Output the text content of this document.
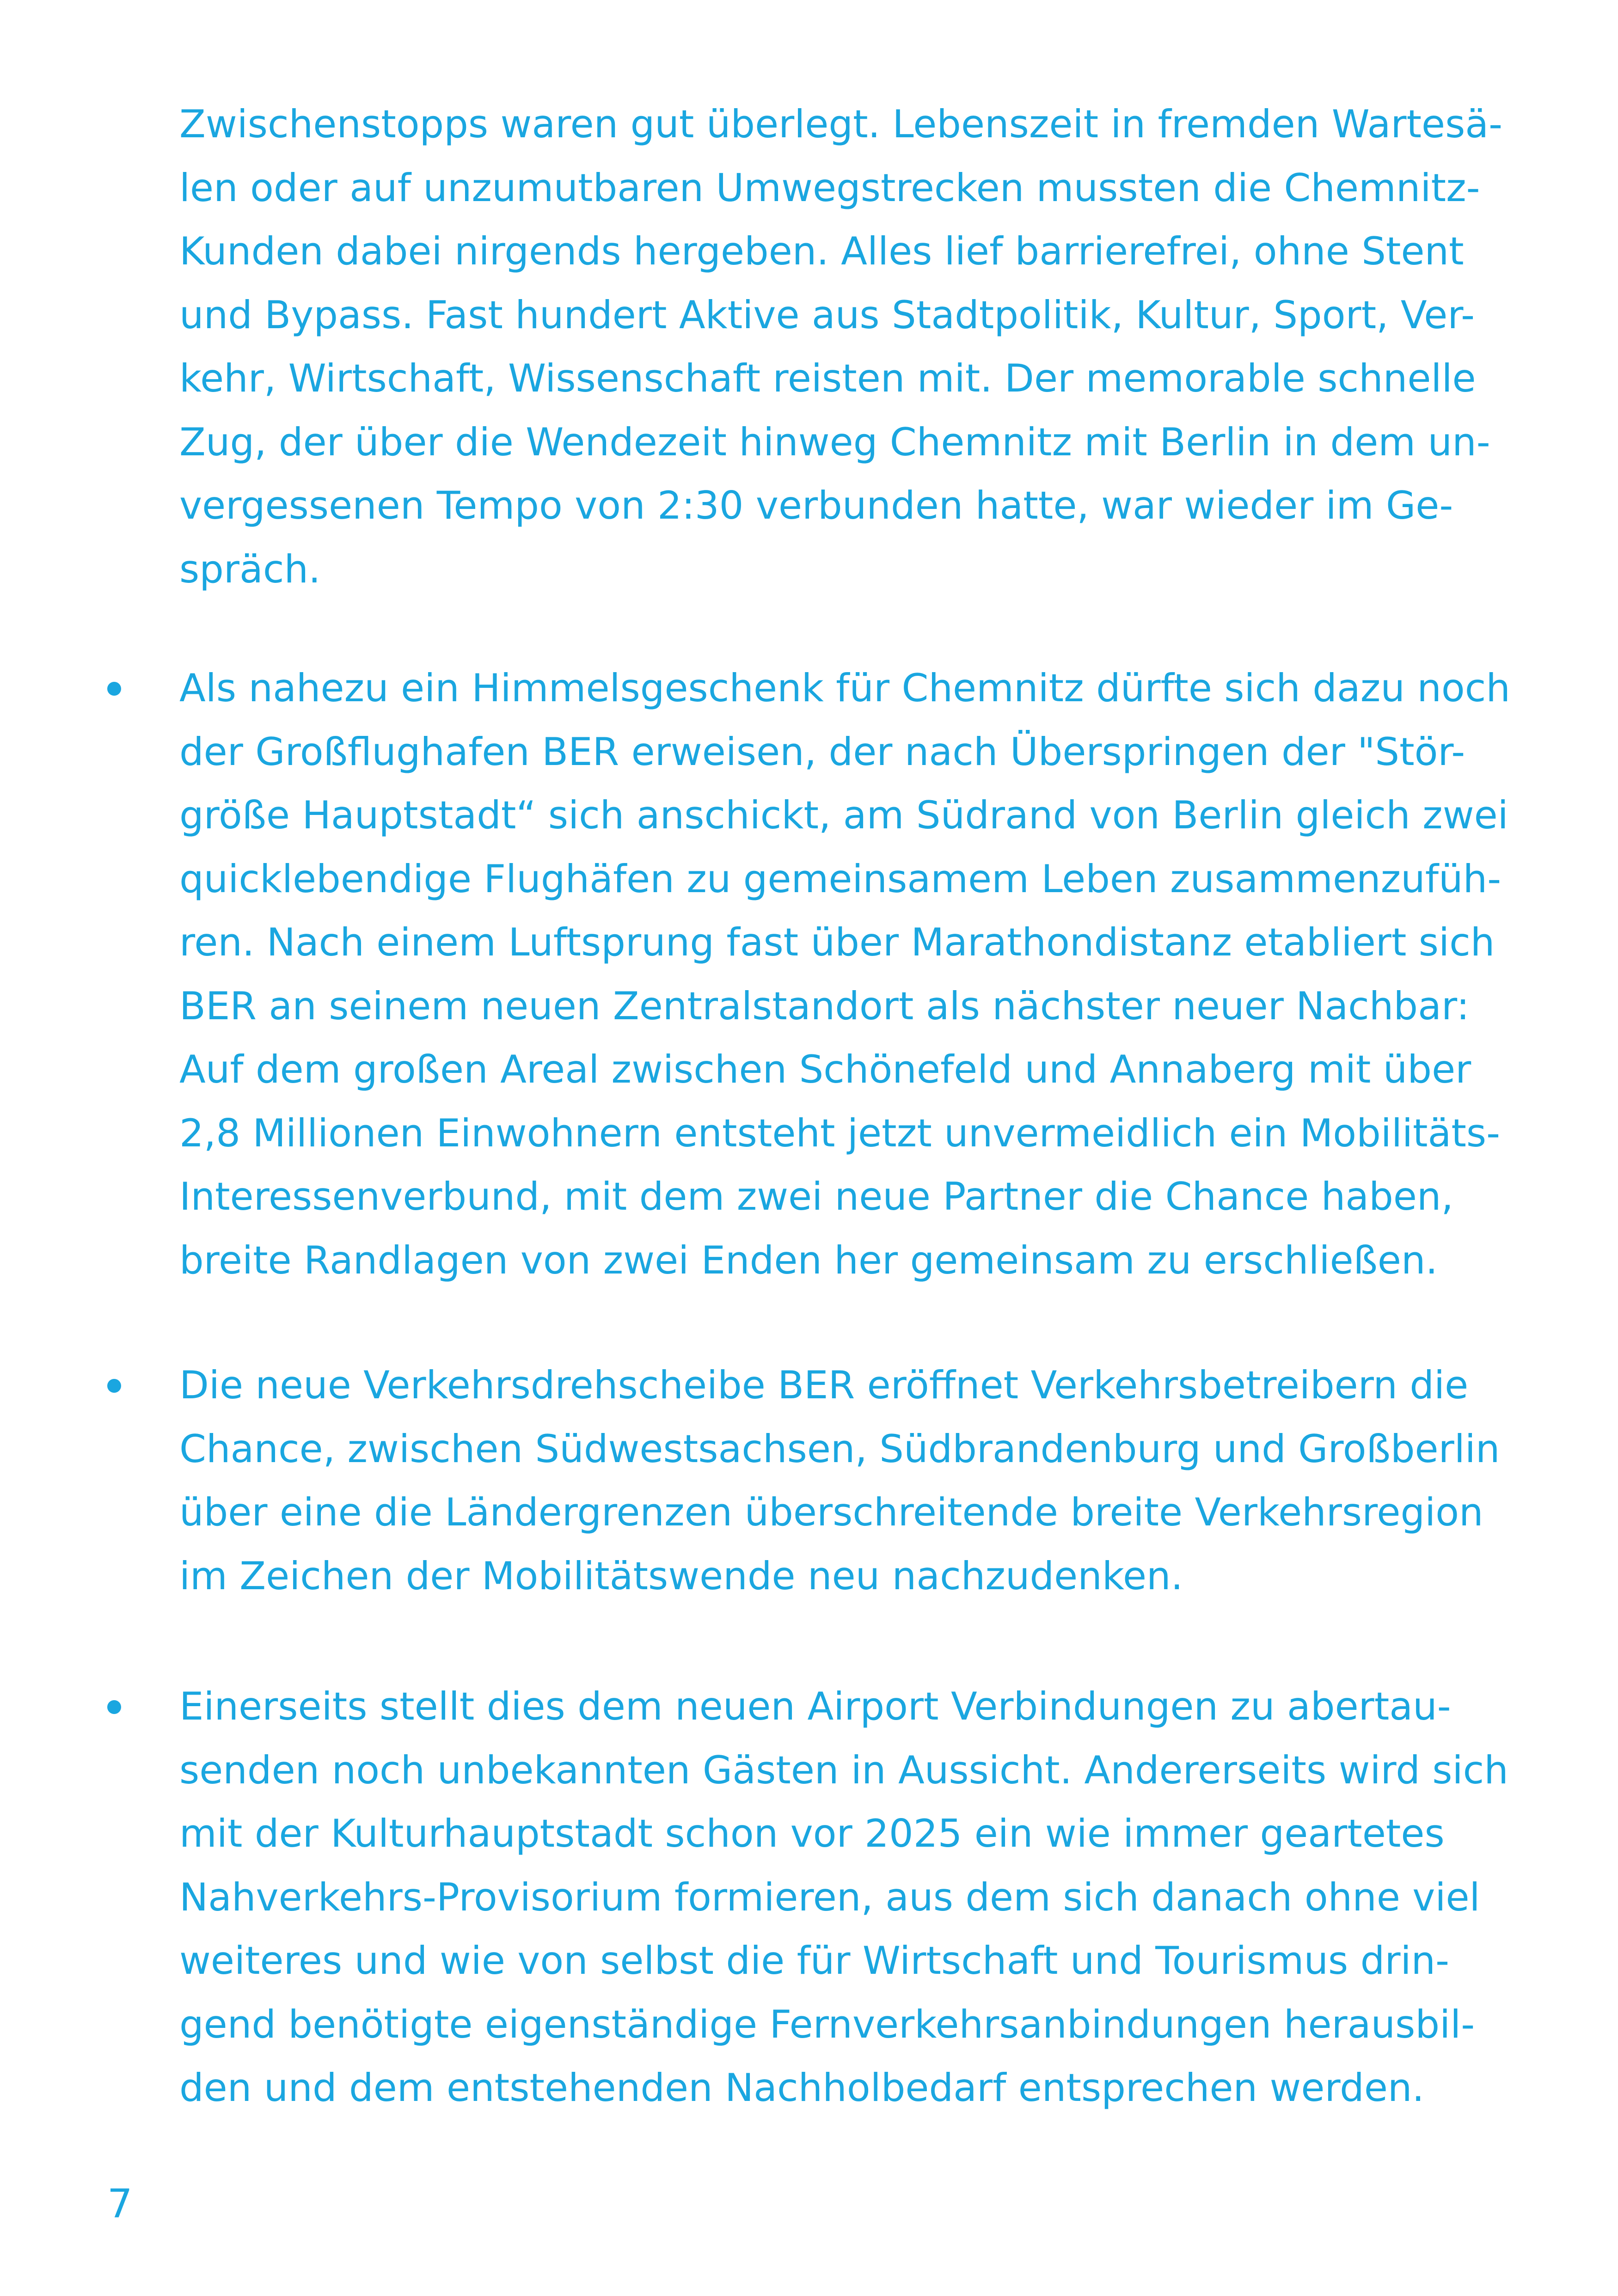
Zwischenstopps waren gut überlegt. Lebenszeit in fremden Wartesä-
len oder auf unzumutbaren Umwegstrecken mussten die Chemnitz-
Kunden dabei nirgends hergeben. Alles lief barrierefrei, ohne Stent
und Bypass. Fast hundert Aktive aus Stadtpolitik, Kultur, Sport, Ver-
kehr, Wirtschaft, Wissenschaft reisten mit. Der memorable schnelle
Zug, der über die Wendezeit hinweg Chemnitz mit Berlin in dem un-
vergessenen Tempo von 2:30 verbunden hatte, war wieder im Ge-
spräch.

Als nahezu ein Himmelsgeschenk für Chemnitz dürfte sich dazu noch
der Großflughafen BER erweisen, der nach Überspringen der "Stör-
größe Hauptstadt“ sich anschickt, am Südrand von Berlin gleich zwei
quicklebendige Flughäfen zu gemeinsamem Leben zusammenzufüh-
ren. Nach einem Luftsprung fast über Marathondistanz etabliert sich
BER an seinem neuen Zentralstandort als nächster neuer Nachbar:
Auf dem großen Areal zwischen Schönefeld und Annaberg mit über
2,8 Millionen Einwohnern entsteht jetzt unvermeidlich ein Mobilitäts-
Interessenverbund, mit dem zwei neue Partner die Chance haben,
breite Randlagen von zwei Enden her gemeinsam zu erschließen.

Die neue Verkehrsdrehscheibe BER eröffnet Verkehrsbetreibern die
Chance, zwischen Südwestsachsen, Südbrandenburg und Großberlin
über eine die Ländergrenzen überschreitende breite Verkehrsregion
im Zeichen der Mobilitätswende neu nachzudenken.

Einerseits stellt dies dem neuen Airport Verbindungen zu abertau-
senden noch unbekannten Gästen in Aussicht. Andererseits wird sich
mit der Kulturhauptstadt schon vor 2025 ein wie immer geartetes
Nahverkehrs-Provisorium formieren, aus dem sich danach ohne viel
weiteres und wie von selbst die für Wirtschaft und Tourismus drin-
gend benötigte eigenständige Fernverkehrsanbindungen herausbil-
den und dem entstehenden Nachholbedarf entsprechen werden.

7
